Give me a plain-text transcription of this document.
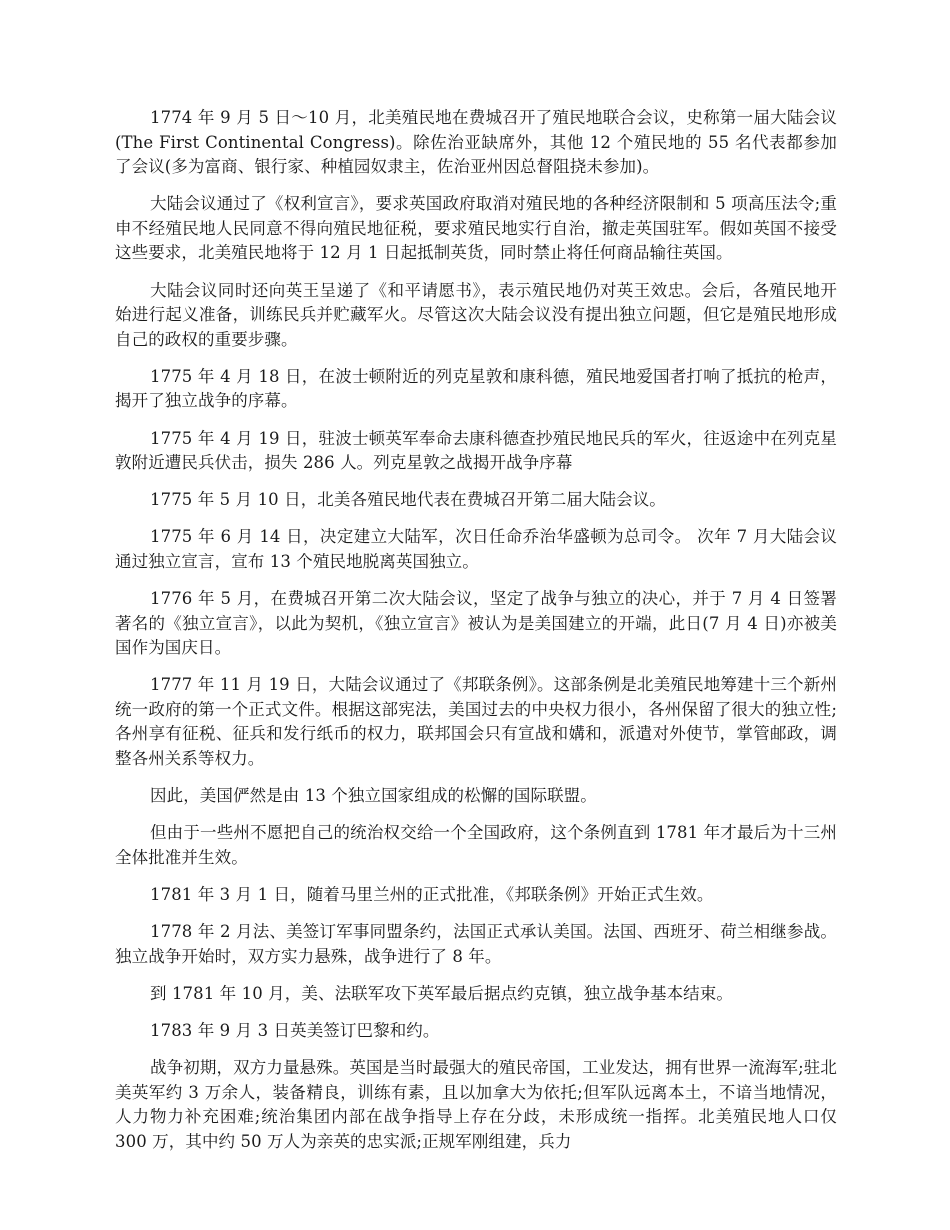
1774 年 9 月 5 日～10 月，北美殖民地在费城召开了殖民地联合会议，史称第一届大陆会议(The First Continental Congress)。除佐治亚缺席外，其他 12 个殖民地的 55 名代表都参加了会议(多为富商、银行家、种植园奴隶主，佐治亚州因总督阻挠未参加)。

大陆会议通过了《权利宣言》，要求英国政府取消对殖民地的各种经济限制和 5 项高压法令;重申不经殖民地人民同意不得向殖民地征税，要求殖民地实行自治，撤走英国驻军。假如英国不接受这些要求，北美殖民地将于 12 月 1 日起抵制英货，同时禁止将任何商品输往英国。

大陆会议同时还向英王呈递了《和平请愿书》，表示殖民地仍对英王效忠。会后，各殖民地开始进行起义准备，训练民兵并贮藏军火。尽管这次大陆会议没有提出独立问题，但它是殖民地形成自己的政权的重要步骤。

1775 年 4 月 18 日，在波士顿附近的列克星敦和康科德，殖民地爱国者打响了抵抗的枪声，揭开了独立战争的序幕。

1775 年 4 月 19 日，驻波士顿英军奉命去康科德查抄殖民地民兵的军火，往返途中在列克星敦附近遭民兵伏击，损失 286 人。列克星敦之战揭开战争序幕

1775 年 5 月 10 日，北美各殖民地代表在费城召开第二届大陆会议。

1775 年 6 月 14 日，决定建立大陆军，次日任命乔治华盛顿为总司令。 次年 7 月大陆会议通过独立宣言，宣布 13 个殖民地脱离英国独立。

1776 年 5 月，在费城召开第二次大陆会议，坚定了战争与独立的决心，并于 7 月 4 日签署著名的《独立宣言》，以此为契机，《独立宣言》被认为是美国建立的开端，此日(7 月 4 日)亦被美国作为国庆日。

1777 年 11 月 19 日，大陆会议通过了《邦联条例》。这部条例是北美殖民地筹建十三个新州统一政府的第一个正式文件。根据这部宪法，美国过去的中央权力很小，各州保留了很大的独立性;各州享有征税、征兵和发行纸币的权力，联邦国会只有宣战和媾和，派遣对外使节，掌管邮政，调整各州关系等权力。

因此，美国俨然是由 13 个独立国家组成的松懈的国际联盟。

但由于一些州不愿把自己的统治权交给一个全国政府，这个条例直到 1781 年才最后为十三州全体批准并生效。

1781 年 3 月 1 日，随着马里兰州的正式批准，《邦联条例》开始正式生效。

1778 年 2 月法、美签订军事同盟条约，法国正式承认美国。法国、西班牙、荷兰相继参战。 独立战争开始时，双方实力悬殊，战争进行了 8 年。

到 1781 年 10 月，美、法联军攻下英军最后据点约克镇，独立战争基本结束。

1783 年 9 月 3 日英美签订巴黎和约。

战争初期，双方力量悬殊。英国是当时最强大的殖民帝国，工业发达，拥有世界一流海军;驻北美英军约 3 万余人，装备精良，训练有素，且以加拿大为依托;但军队远离本土，不谙当地情况，人力物力补充困难;统治集团内部在战争指导上存在分歧，未形成统一指挥。北美殖民地人口仅 300 万，其中约 50 万人为亲英的忠实派;正规军刚组建，兵力
